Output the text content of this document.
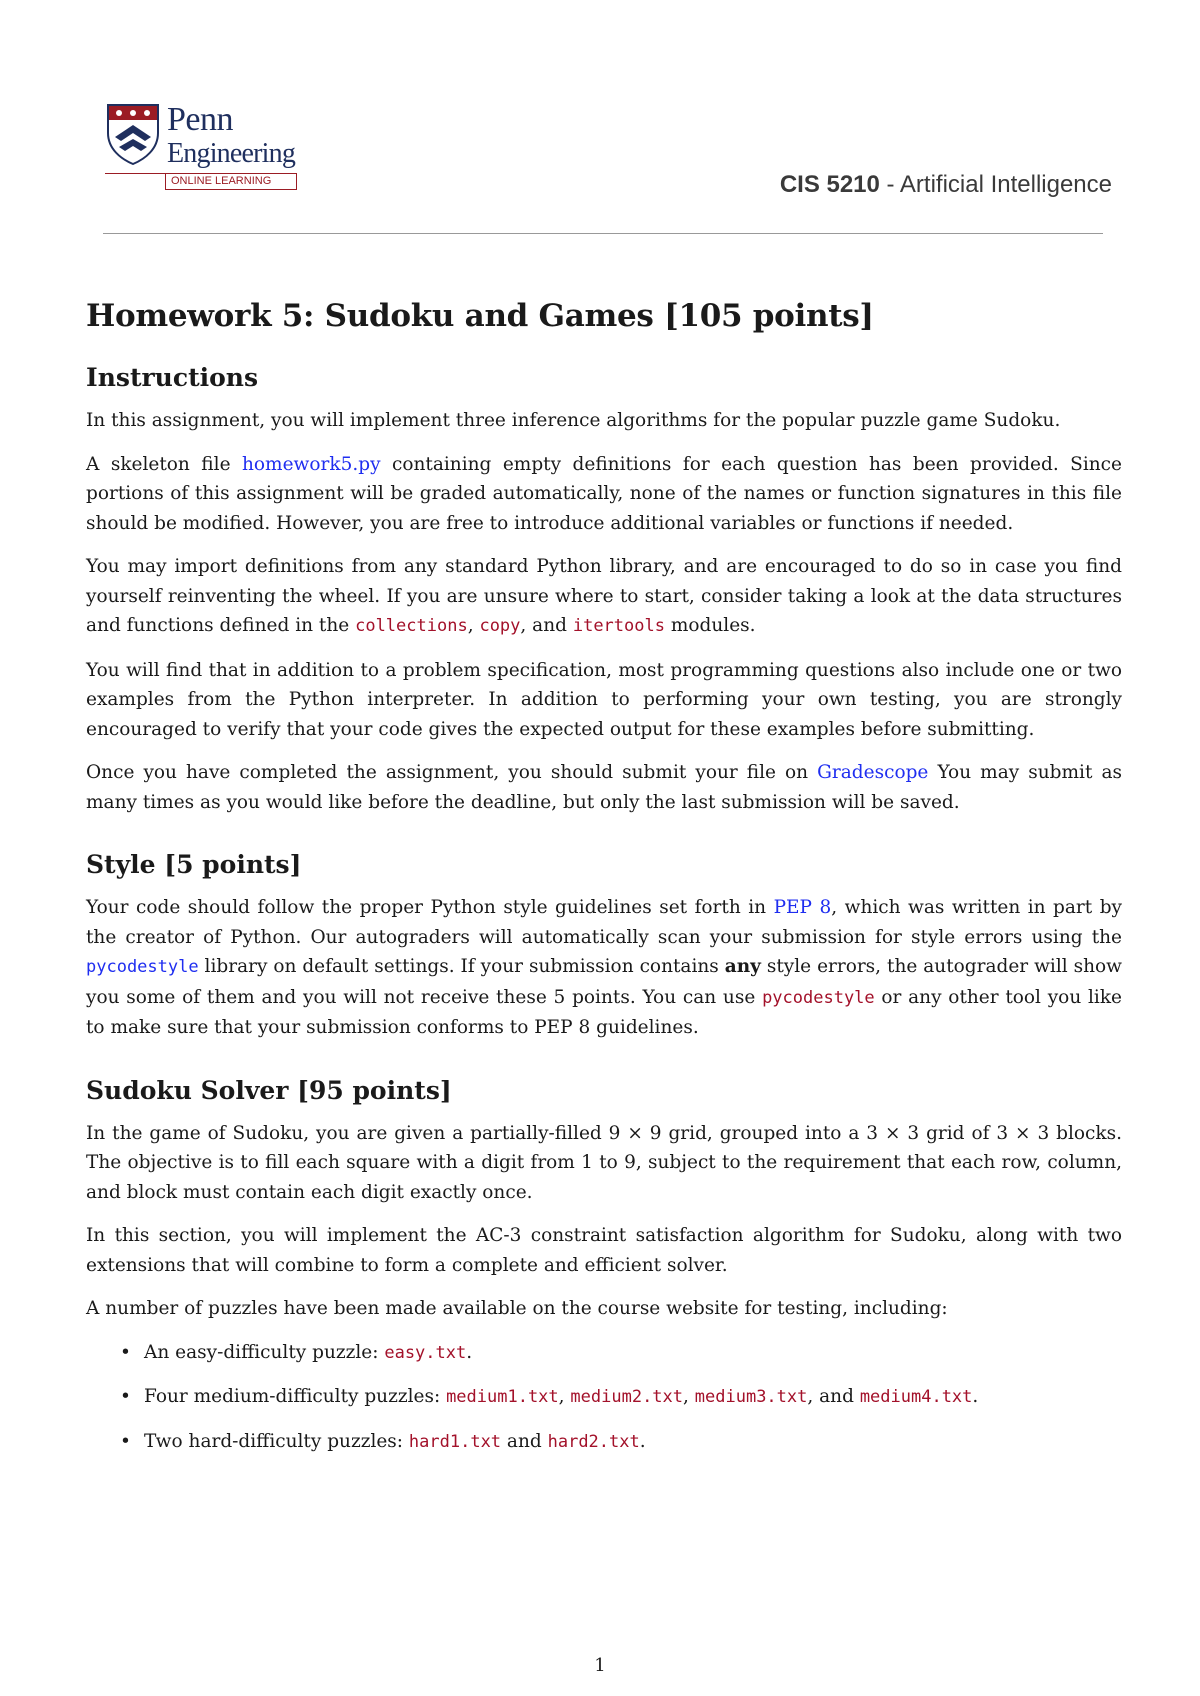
Penn
Engineering
ONLINE LEARNING	CIS 5210 - Artificial Intelligence
Homework 5: Sudoku and Games [105 points]
Instructions

In this assignment, you will implement three inference algorithms for the popular puzzle game Sudoku.

A skeleton file homework5.py containing empty definitions for each question has been provided. Since portions of this assignment will be graded automatically, none of the names or function signatures in this file should be modified. However, you are free to introduce additional variables or functions if needed.

You may import definitions from any standard Python library, and are encouraged to do so in case you find yourself reinventing the wheel. If you are unsure where to start, consider taking a look at the data structures and functions defined in the collections, copy, and itertools modules.

You will find that in addition to a problem specification, most programming questions also include one or two examples from the Python interpreter. In addition to performing your own testing, you are strongly encouraged to verify that your code gives the expected output for these examples before submitting.

Once you have completed the assignment, you should submit your file on Gradescope You may submit as many times as you would like before the deadline, but only the last submission will be saved.

Style [5 points]

Your code should follow the proper Python style guidelines set forth in PEP 8, which was written in part by the creator of Python. Our autograders will automatically scan your submission for style errors using the pycodestyle library on default settings. If your submission contains any style errors, the autograder will show you some of them and you will not receive these 5 points. You can use pycodestyle or any other tool you like to make sure that your submission conforms to PEP 8 guidelines.

Sudoku Solver [95 points]

In the game of Sudoku, you are given a partially-filled 9 × 9 grid, grouped into a 3 × 3 grid of 3 × 3 blocks. The objective is to fill each square with a digit from 1 to 9, subject to the requirement that each row, column, and block must contain each digit exactly once.

In this section, you will implement the AC-3 constraint satisfaction algorithm for Sudoku, along with two extensions that will combine to form a complete and efficient solver.

A number of puzzles have been made available on the course website for testing, including:

• An easy-difficulty puzzle: easy.txt.
• Four medium-difficulty puzzles: medium1.txt, medium2.txt, medium3.txt, and medium4.txt.
• Two hard-difficulty puzzles: hard1.txt and hard2.txt.
1
